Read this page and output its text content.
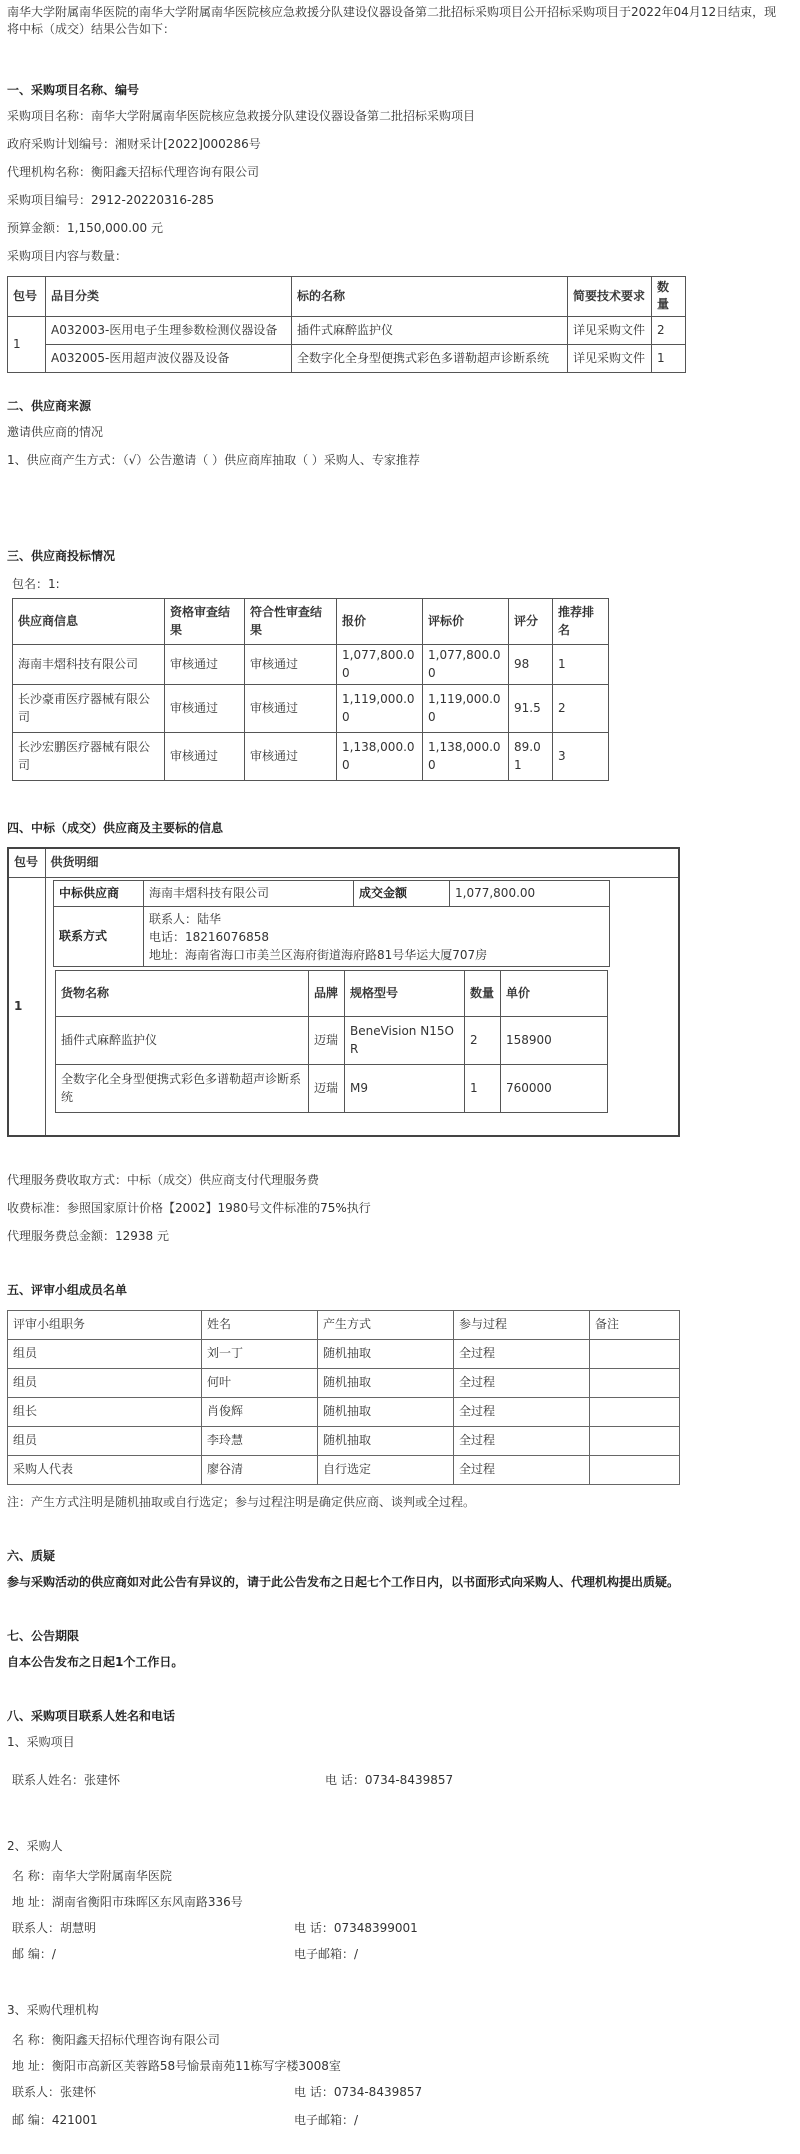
南华大学附属南华医院的南华大学附属南华医院核应急救援分队建设仪器设备第二批招标采购项目公开招标采购项目于2022年04月12日结束，现将中标（成交）结果公告如下：

一、采购项目名称、编号

采购项目名称：南华大学附属南华医院核应急救援分队建设仪器设备第二批招标采购项目

政府采购计划编号：湘财采计[2022]000286号

代理机构名称：衡阳鑫天招标代理咨询有限公司

采购项目编号：2912-20220316-285

预算金额：1,150,000.00 元

采购项目内容与数量：

包号	品目分类	标的名称	简要技术要求	数量
1	A032003-医用电子生理参数检测仪器设备	插件式麻醉监护仪	详见采购文件	2
	A032005-医用超声波仪器及设备	全数字化全身型便携式彩色多谱勒超声诊断系统	详见采购文件	1

二、供应商来源

邀请供应商的情况

1、供应商产生方式：（√）公告邀请（ ）供应商库抽取（ ）采购人、专家推荐

三、供应商投标情况

包名：1:

供应商信息	资格审查结果	符合性审查结果	报价	评标价	评分	推荐排名
海南丰熠科技有限公司	审核通过	审核通过	1,077,800.00	1,077,800.00	98	1
长沙豪甫医疗器械有限公司	审核通过	审核通过	1,119,000.00	1,119,000.00	91.5	2
长沙宏鹏医疗器械有限公司	审核通过	审核通过	1,138,000.00	1,138,000.00	89.01	3

四、中标（成交）供应商及主要标的信息

包号	供货明细
1	
中标供应商	海南丰熠科技有限公司	成交金额	1,077,800.00
联系方式	联系人：陆华
电话：18216076858
地址：海南省海口市美兰区海府街道海府路81号华运大厦707房		
货物名称	品牌	规格型号	数量	单价
插件式麻醉监护仪	迈瑞	BeneVision N15OR	2	158900
全数字化全身型便携式彩色多谱勒超声诊断系统	迈瑞	M9	1	760000

代理服务费收取方式：中标（成交）供应商支付代理服务费

收费标准：参照国家原计价格【2002】1980号文件标准的75%执行

代理服务费总金额：12938 元

五、评审小组成员名单

评审小组职务	姓名	产生方式	参与过程	备注
组员	刘一丁	随机抽取	全过程	
组员	何叶	随机抽取	全过程	
组长	肖俊辉	随机抽取	全过程	
组员	李玲慧	随机抽取	全过程	
采购人代表	廖谷清	自行选定	全过程	

注：产生方式注明是随机抽取或自行选定；参与过程注明是确定供应商、谈判或全过程。

六、质疑

参与采购活动的供应商如对此公告有异议的，请于此公告发布之日起七个工作日内，以书面形式向采购人、代理机构提出质疑。

七、公告期限

自本公告发布之日起1个工作日。

八、采购项目联系人姓名和电话

1、采购项目

联系人姓名：张建怀	电 话：0734-8439857

2、采购人

名 称：南华大学附属南华医院

地 址：湖南省衡阳市珠晖区东风南路336号

联系人：胡慧明	电 话：07348399001

邮 编：/	电子邮箱：/

3、采购代理机构

名 称：衡阳鑫天招标代理咨询有限公司

地 址：衡阳市高新区芙蓉路58号愉景南苑11栋写字楼3008室

联系人：张建怀	电 话：0734-8439857

邮 编：421001	电子邮箱：/
